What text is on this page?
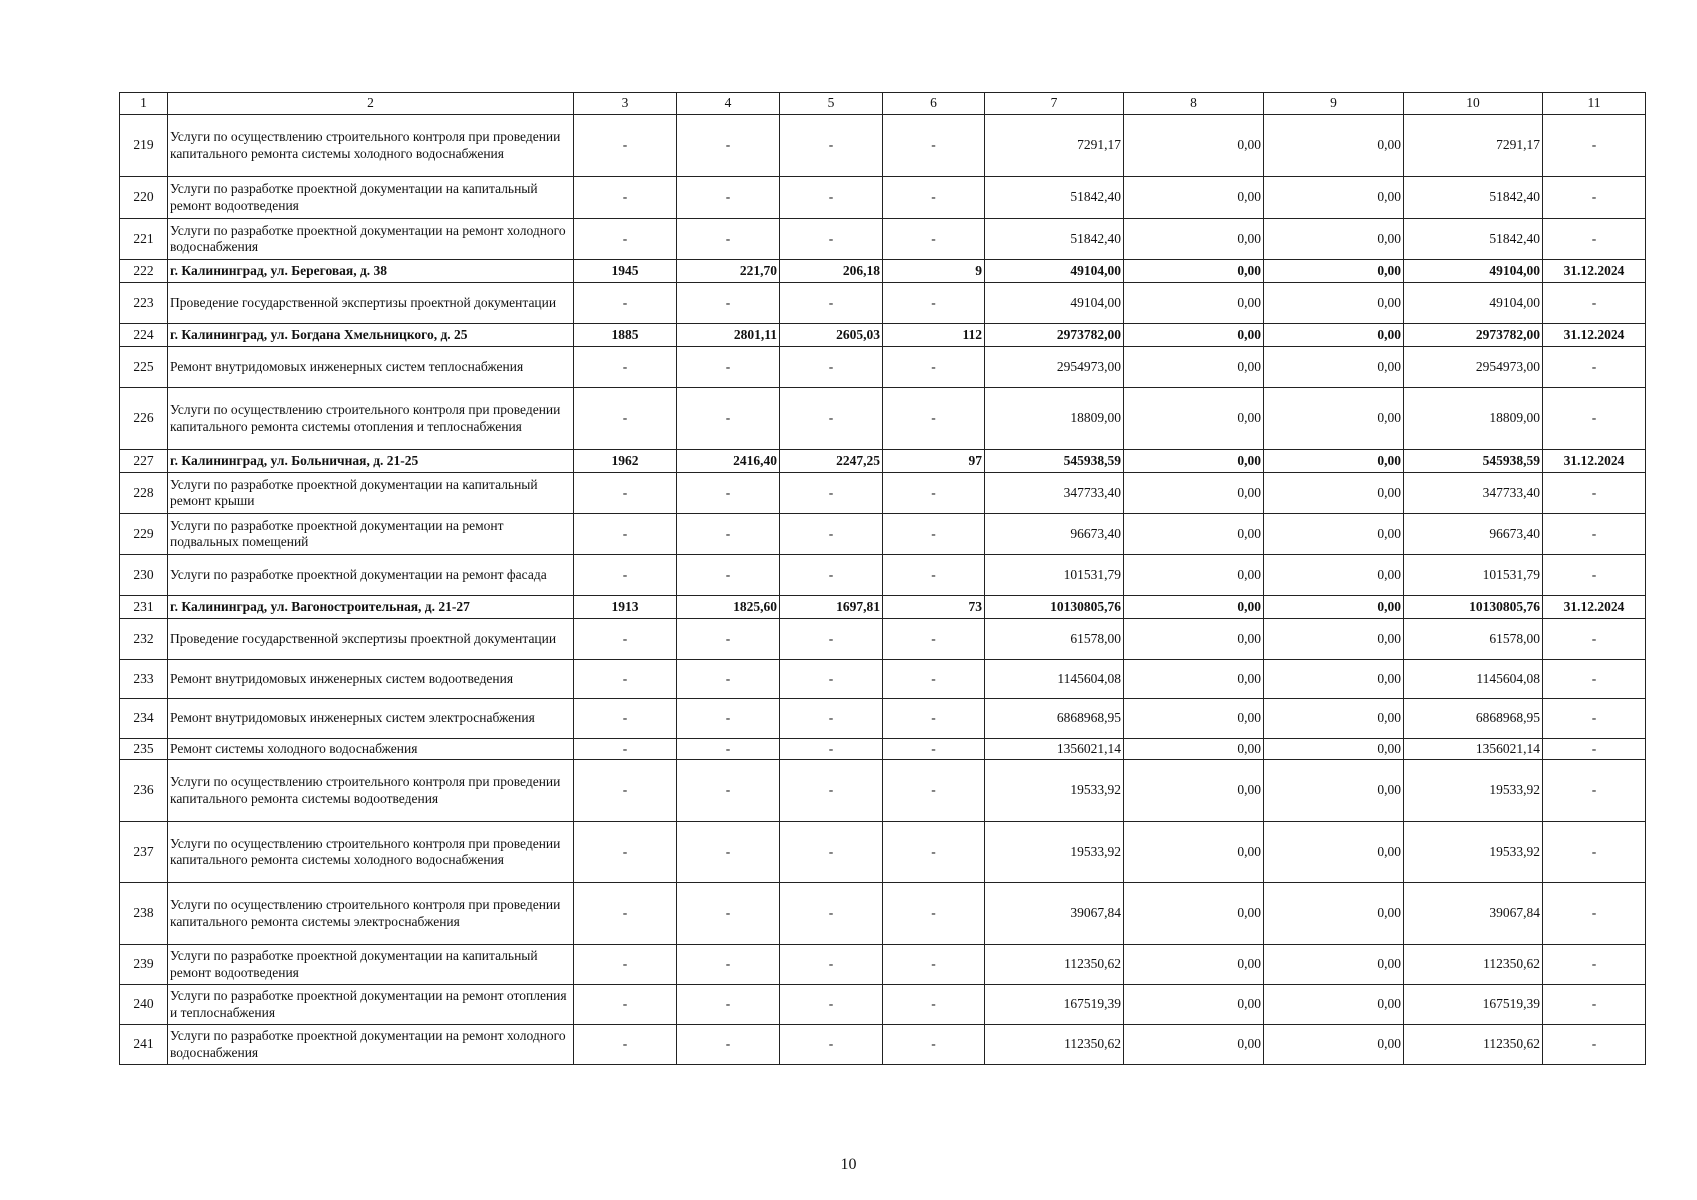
1	2	3	4	5	6	7	8	9	10	11
219	Услуги по осуществлению строительного контроля при проведении капитального ремонта системы холодного водоснабжения	-	-	-	-	7291,17	0,00	0,00	7291,17	-
220	Услуги по разработке проектной документации на капитальный ремонт водоотведения	-	-	-	-	51842,40	0,00	0,00	51842,40	-
221	Услуги по разработке проектной документации на ремонт холодного водоснабжения	-	-	-	-	51842,40	0,00	0,00	51842,40	-
222	г. Калининград, ул. Береговая, д. 38	1945	221,70	206,18	9	49104,00	0,00	0,00	49104,00	31.12.2024
223	Проведение государственной экспертизы проектной документации	-	-	-	-	49104,00	0,00	0,00	49104,00	-
224	г. Калининград, ул. Богдана Хмельницкого, д. 25	1885	2801,11	2605,03	112	2973782,00	0,00	0,00	2973782,00	31.12.2024
225	Ремонт внутридомовых инженерных систем теплоснабжения	-	-	-	-	2954973,00	0,00	0,00	2954973,00	-
226	Услуги по осуществлению строительного контроля при проведении капитального ремонта системы отопления и теплоснабжения	-	-	-	-	18809,00	0,00	0,00	18809,00	-
227	г. Калининград, ул. Больничная, д. 21-25	1962	2416,40	2247,25	97	545938,59	0,00	0,00	545938,59	31.12.2024
228	Услуги по разработке проектной документации на капитальный ремонт крыши	-	-	-	-	347733,40	0,00	0,00	347733,40	-
229	Услуги по разработке проектной документации на ремонт подвальных помещений	-	-	-	-	96673,40	0,00	0,00	96673,40	-
230	Услуги по разработке проектной документации на ремонт фасада	-	-	-	-	101531,79	0,00	0,00	101531,79	-
231	г. Калининград, ул. Вагоностроительная, д. 21-27	1913	1825,60	1697,81	73	10130805,76	0,00	0,00	10130805,76	31.12.2024
232	Проведение государственной экспертизы проектной документации	-	-	-	-	61578,00	0,00	0,00	61578,00	-
233	Ремонт внутридомовых инженерных систем водоотведения	-	-	-	-	1145604,08	0,00	0,00	1145604,08	-
234	Ремонт внутридомовых инженерных систем электроснабжения	-	-	-	-	6868968,95	0,00	0,00	6868968,95	-
235	Ремонт системы холодного водоснабжения	-	-	-	-	1356021,14	0,00	0,00	1356021,14	-
236	Услуги по осуществлению строительного контроля при проведении капитального ремонта системы водоотведения	-	-	-	-	19533,92	0,00	0,00	19533,92	-
237	Услуги по осуществлению строительного контроля при проведении капитального ремонта системы холодного водоснабжения	-	-	-	-	19533,92	0,00	0,00	19533,92	-
238	Услуги по осуществлению строительного контроля при проведении капитального ремонта системы электроснабжения	-	-	-	-	39067,84	0,00	0,00	39067,84	-
239	Услуги по разработке проектной документации на капитальный ремонт водоотведения	-	-	-	-	112350,62	0,00	0,00	112350,62	-
240	Услуги по разработке проектной документации на ремонт отопления и теплоснабжения	-	-	-	-	167519,39	0,00	0,00	167519,39	-
241	Услуги по разработке проектной документации на ремонт холодного водоснабжения	-	-	-	-	112350,62	0,00	0,00	112350,62	-
10
